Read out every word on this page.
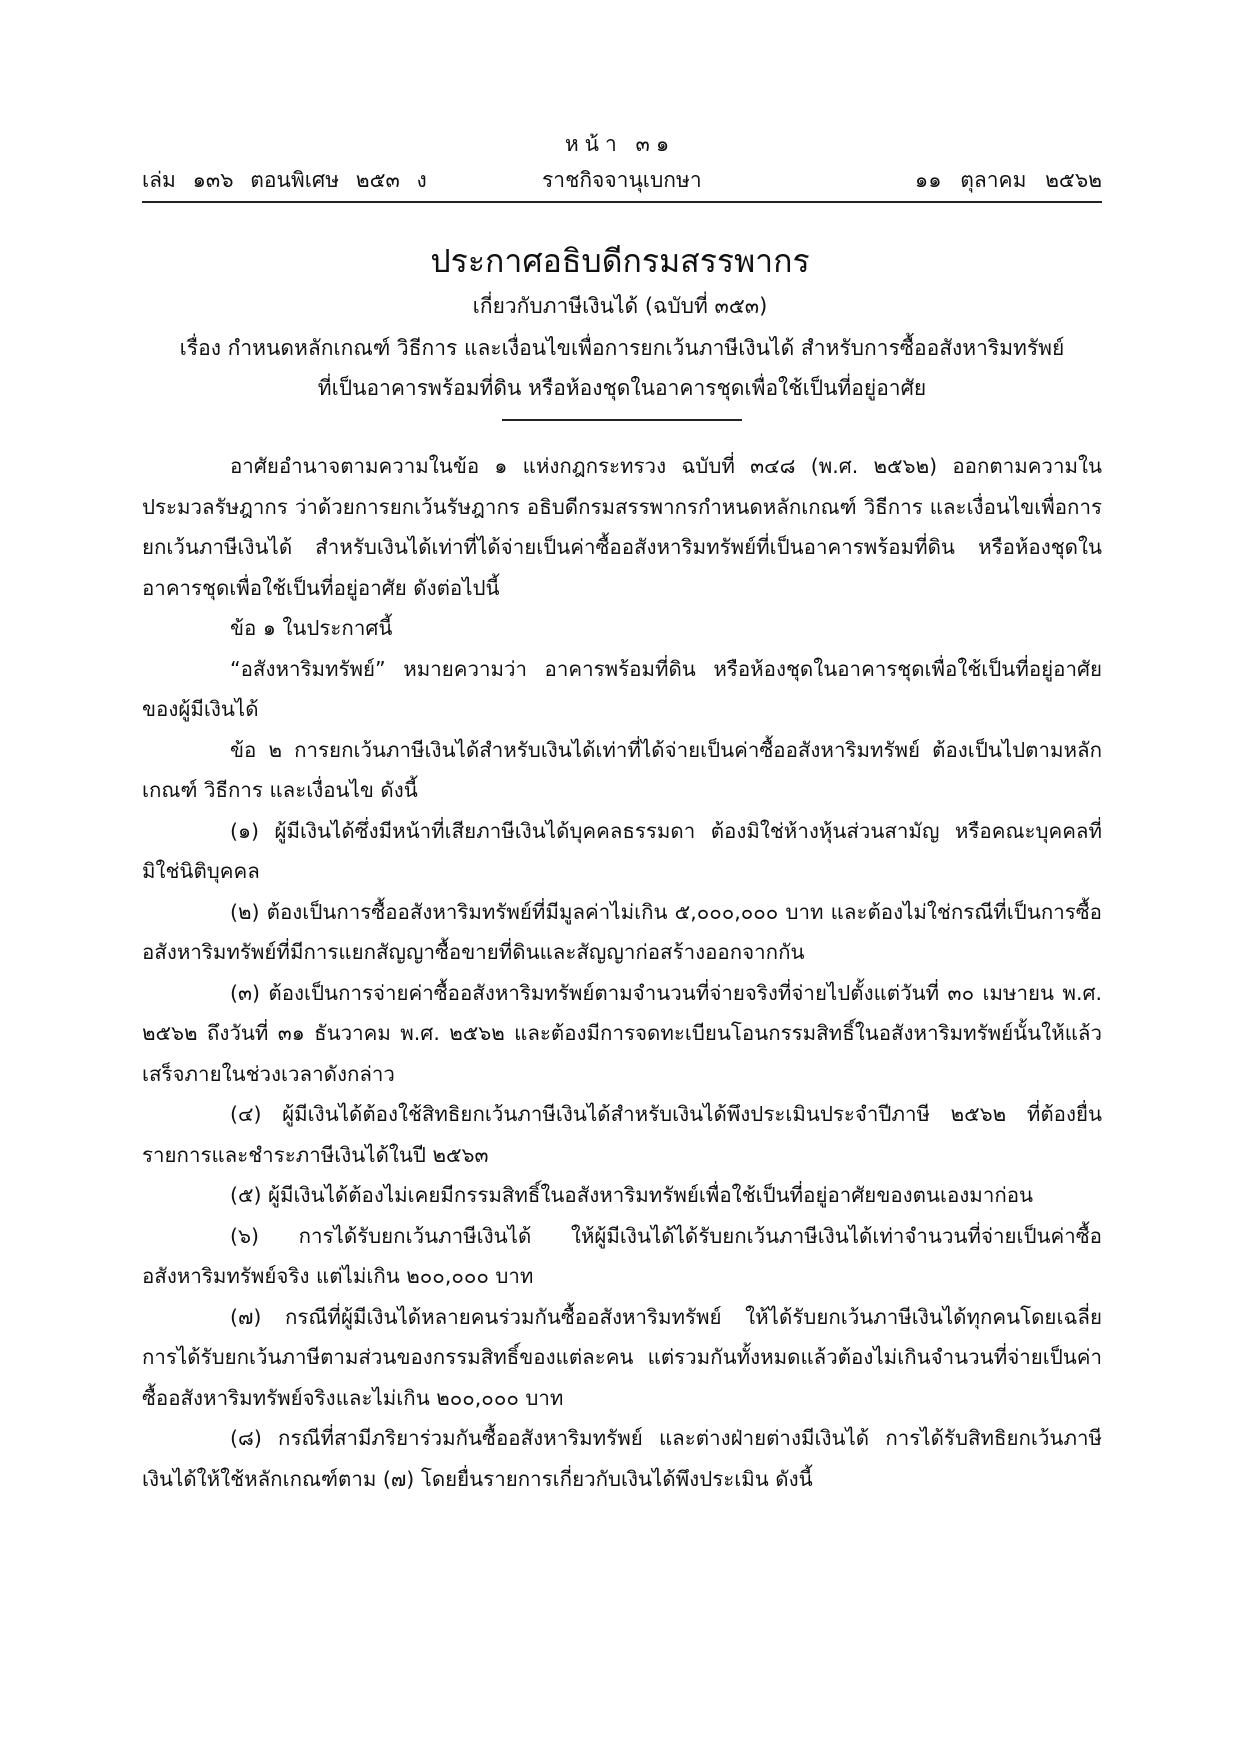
หน้า ๓๑
เล่ม ๑๓๖ ตอนพิเศษ ๒๕๓ ง	ราชกิจจานุเบกษา	๑๑ ตุลาคม ๒๕๖๒
ประกาศอธิบดีกรมสรรพากร
เกี่ยวกับภาษีเงินได้ (ฉบับที่ ๓๕๓)
เรื่อง กำหนดหลักเกณฑ์ วิธีการ และเงื่อนไขเพื่อการยกเว้นภาษีเงินได้ สำหรับการซื้ออสังหาริมทรัพย์
ที่เป็นอาคารพร้อมที่ดิน หรือห้องชุดในอาคารชุดเพื่อใช้เป็นที่อยู่อาศัย

อาศัยอำนาจตามความในข้อ ๑ แห่งกฎกระทรวง ฉบับที่ ๓๔๘ (พ.ศ. ๒๕๖๒) ออกตามความในประมวลรัษฎากร ว่าด้วยการยกเว้นรัษฎากร อธิบดีกรมสรรพากรกำหนดหลักเกณฑ์ วิธีการ และเงื่อนไขเพื่อการยกเว้นภาษีเงินได้ สำหรับเงินได้เท่าที่ได้จ่ายเป็นค่าซื้ออสังหาริมทรัพย์ที่เป็นอาคารพร้อมที่ดิน หรือห้องชุดในอาคารชุดเพื่อใช้เป็นที่อยู่อาศัย ดังต่อไปนี้

ข้อ ๑ ในประกาศนี้

“อสังหาริมทรัพย์” หมายความว่า อาคารพร้อมที่ดิน หรือห้องชุดในอาคารชุดเพื่อใช้เป็นที่อยู่อาศัยของผู้มีเงินได้

ข้อ ๒ การยกเว้นภาษีเงินได้สำหรับเงินได้เท่าที่ได้จ่ายเป็นค่าซื้ออสังหาริมทรัพย์ ต้องเป็นไปตามหลักเกณฑ์ วิธีการ และเงื่อนไข ดังนี้

(๑) ผู้มีเงินได้ซึ่งมีหน้าที่เสียภาษีเงินได้บุคคลธรรมดา ต้องมิใช่ห้างหุ้นส่วนสามัญ หรือคณะบุคคลที่มิใช่นิติบุคคล

(๒) ต้องเป็นการซื้ออสังหาริมทรัพย์ที่มีมูลค่าไม่เกิน ๕,๐๐๐,๐๐๐ บาท และต้องไม่ใช่กรณีที่เป็นการซื้ออสังหาริมทรัพย์ที่มีการแยกสัญญาซื้อขายที่ดินและสัญญาก่อสร้างออกจากกัน

(๓) ต้องเป็นการจ่ายค่าซื้ออสังหาริมทรัพย์ตามจำนวนที่จ่ายจริงที่จ่ายไปตั้งแต่วันที่ ๓๐ เมษายน พ.ศ. ๒๕๖๒ ถึงวันที่ ๓๑ ธันวาคม พ.ศ. ๒๕๖๒ และต้องมีการจดทะเบียนโอนกรรมสิทธิ์ในอสังหาริมทรัพย์นั้นให้แล้วเสร็จภายในช่วงเวลาดังกล่าว

(๔) ผู้มีเงินได้ต้องใช้สิทธิยกเว้นภาษีเงินได้สำหรับเงินได้พึงประเมินประจำปีภาษี ๒๕๖๒ ที่ต้องยื่นรายการและชำระภาษีเงินได้ในปี ๒๕๖๓

(๕) ผู้มีเงินได้ต้องไม่เคยมีกรรมสิทธิ์ในอสังหาริมทรัพย์เพื่อใช้เป็นที่อยู่อาศัยของตนเองมาก่อน

(๖) การได้รับยกเว้นภาษีเงินได้ ให้ผู้มีเงินได้ได้รับยกเว้นภาษีเงินได้เท่าจำนวนที่จ่ายเป็นค่าซื้ออสังหาริมทรัพย์จริง แต่ไม่เกิน ๒๐๐,๐๐๐ บาท

(๗) กรณีที่ผู้มีเงินได้หลายคนร่วมกันซื้ออสังหาริมทรัพย์ ให้ได้รับยกเว้นภาษีเงินได้ทุกคนโดยเฉลี่ยการได้รับยกเว้นภาษีตามส่วนของกรรมสิทธิ์ของแต่ละคน แต่รวมกันทั้งหมดแล้วต้องไม่เกินจำนวนที่จ่ายเป็นค่าซื้ออสังหาริมทรัพย์จริงและไม่เกิน ๒๐๐,๐๐๐ บาท

(๘) กรณีที่สามีภริยาร่วมกันซื้ออสังหาริมทรัพย์ และต่างฝ่ายต่างมีเงินได้ การได้รับสิทธิยกเว้นภาษีเงินได้ให้ใช้หลักเกณฑ์ตาม (๗) โดยยื่นรายการเกี่ยวกับเงินได้พึงประเมิน ดังนี้
